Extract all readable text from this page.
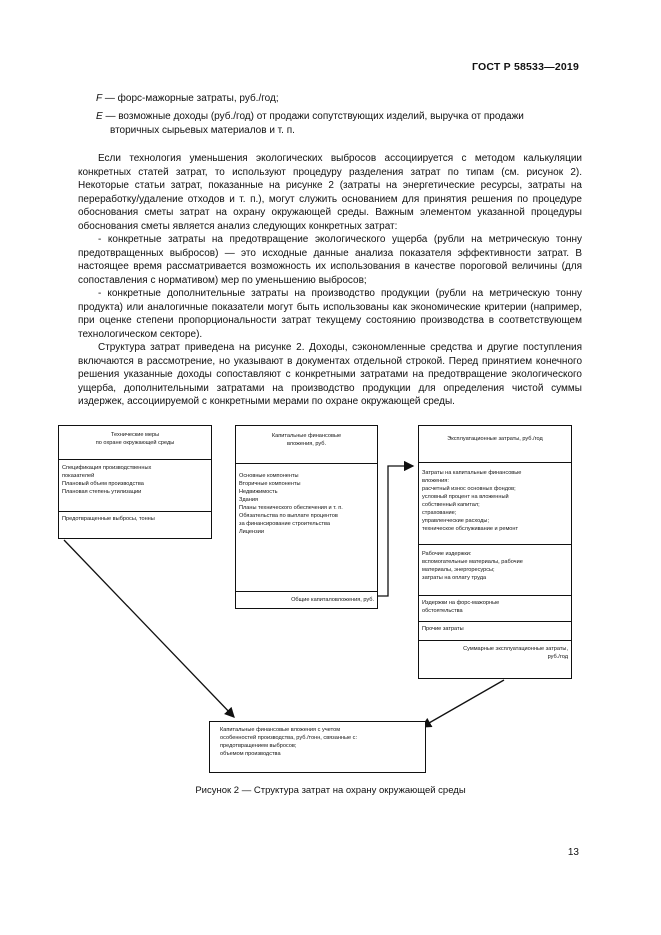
ГОСТ Р 58533—2019
F — форс-мажорные затраты, руб./год;
E — возможные доходы (руб./год) от продажи сопутствующих изделий, выручка от продажи
вторичных сырьевых материалов и т. п.

Если технология уменьшения экологических выбросов ассоциируется с методом калькуляции конкретных статей затрат, то используют процедуру разделения затрат по типам (см. рисунок 2). Некоторые статьи затрат, показанные на рисунке 2 (затраты на энергетические ресурсы, затраты на переработку/удаление отходов и т. п.), могут служить основанием для принятия решения по процедуре обоснования сметы затрат на охрану окружающей среды. Важным элементом указанной процедуры обоснования сметы является анализ следующих конкретных затрат:

- конкретные затраты на предотвращение экологического ущерба (рубли на метрическую тонну предотвращенных выбросов) — это исходные данные анализа показателя эффективности затрат. В настоящее время рассматривается возможность их использования в качестве пороговой величины (для сопоставления с нормативом) мер по уменьшению выбросов;

- конкретные дополнительные затраты на производство продукции (рубли на метрическую тонну продукта) или аналогичные показатели могут быть использованы как экономические критерии (например, при оценке степени пропорциональности затрат текущему состоянию производства в соответствующем технологическом секторе).

Структура затрат приведена на рисунке 2. Доходы, сэкономленные средства и другие поступления включаются в рассмотрение, но указывают в документах отдельной строкой. Перед принятием конечного решения указанные доходы сопоставляют с конкретными затратами на предотвращение экологического ущерба, дополнительными затратами на производство продукции для определения чистой суммы издержек, ассоциируемой с конкретными мерами по охране окружающей среды.

Технические меры
по охране окружающей среды
Спецификация производственных
показателей
Плановый объем производства
Плановая степень утилизации
Предотвращенные выбросы, тонны
Капитальные финансовые
вложения, руб.
Основные компоненты
Вторичные компоненты
Недвижимость
Здания
Планы технического обеспечения и т. п.
Обязательства по выплате процентов
за финансирование строительства
Лицензии
Общие капиталовложения, руб.
Эксплуатационные затраты, руб./год
Затраты на капитальные финансовые
вложения:
расчетный износ основных фондов;
условный процент на вложенный
собственный капитал;
страхование;
управленческие расходы;
техническое обслуживание и ремонт
Рабочие издержки:
вспомогательные материалы, рабочие
материалы, энергоресурсы;
затраты на оплату труда
Издержки на форс-мажорные
обстоятельства
Прочие затраты
Суммарные эксплуатационные затраты,
руб./год
Капитальные финансовые вложения с учетом
особенностей производства, руб./тонн, связанные с:
предотвращением выбросов;
объемом производства
Рисунок 2 — Структура затрат на охрану окружающей среды
13
